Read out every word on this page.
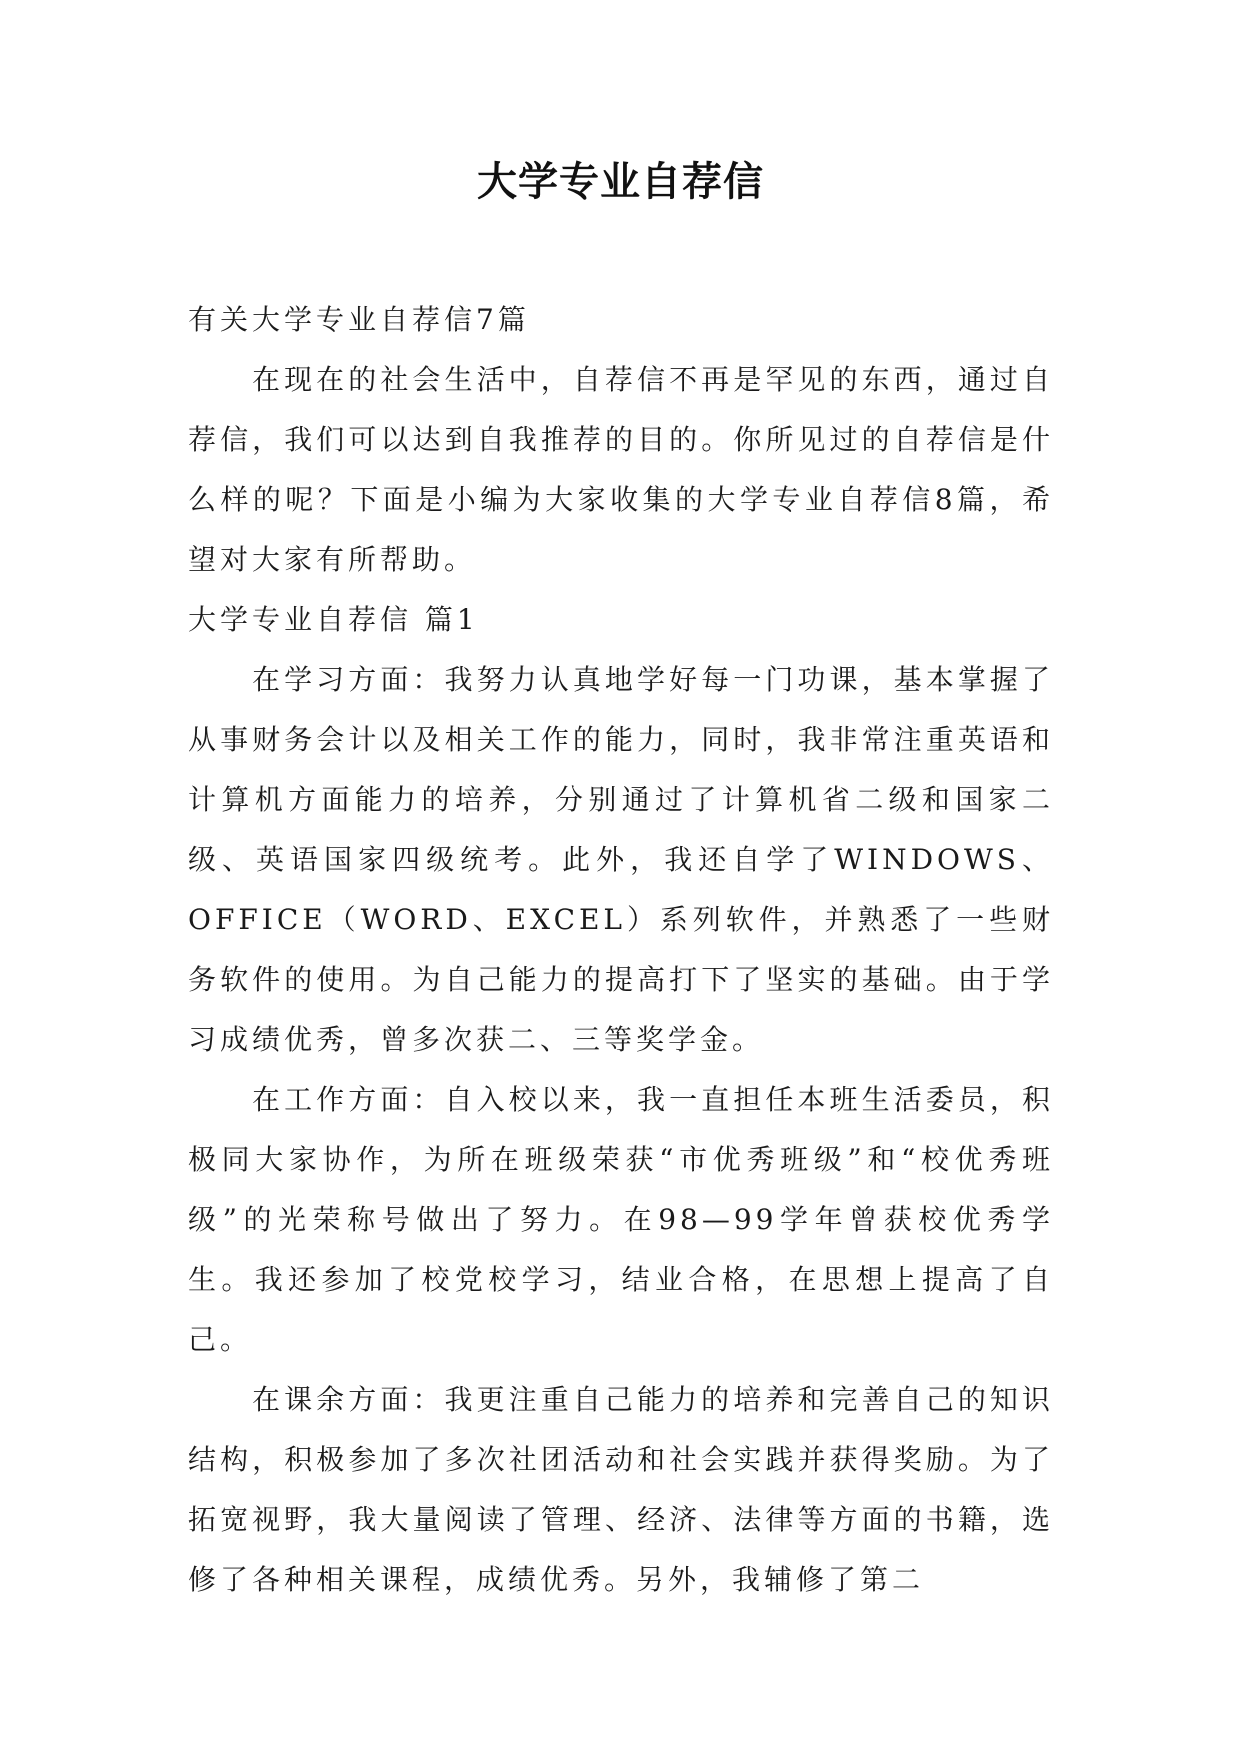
大学专业自荐信

有关大学专业自荐信7篇

在现在的社会生活中，自荐信不再是罕见的东西，通过自荐信，我们可以达到自我推荐的目的。你所见过的自荐信是什么样的呢？下面是小编为大家收集的大学专业自荐信8篇，希望对大家有所帮助。

大学专业自荐信 篇1

在学习方面：我努力认真地学好每一门功课，基本掌握了从事财务会计以及相关工作的能力，同时，我非常注重英语和计算机方面能力的培养，分别通过了计算机省二级和国家二级、英语国家四级统考。此外，我还自学了WINDOWS、OFFICE（WORD、EXCEL）系列软件，并熟悉了一些财务软件的使用。为自己能力的提高打下了坚实的基础。由于学习成绩优秀，曾多次获二、三等奖学金。

在工作方面：自入校以来，我一直担任本班生活委员，积极同大家协作，为所在班级荣获“市优秀班级”和“校优秀班级”的光荣称号做出了努力。在98—99学年曾获校优秀学生。我还参加了校党校学习，结业合格，在思想上提高了自己。

在课余方面：我更注重自己能力的培养和完善自己的知识结构，积极参加了多次社团活动和社会实践并获得奖励。为了拓宽视野，我大量阅读了管理、经济、法律等方面的书籍，选修了各种相关课程，成绩优秀。另外，我辅修了第二
